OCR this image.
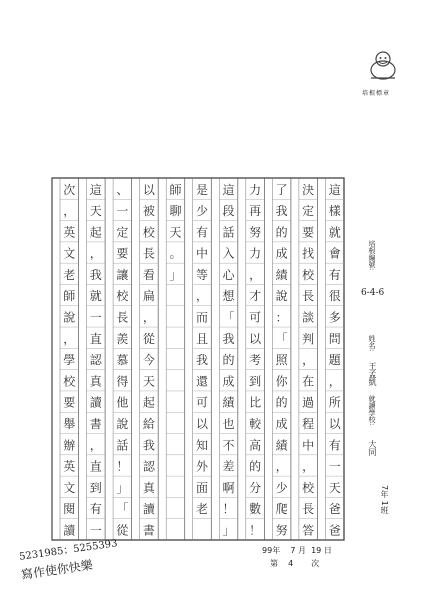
這
樣
就
會
有
很
多
問
題
，
所
以
有
一
天
爸
爸
決
定
要
找
校
長
談
判
，
在
過
程
中
，
校
長
答
了
我
的
成
績
說
：
「
照
你
的
成
績
，
少
爬
努
力
再
努
力
，
才
可
以
考
到
比
較
高
的
分
數
！
這
段
話
入
心
想
「
我
的
成
績
也
不
差
啊
！
」
是
少
有
中
等
，
而
且
我
還
可
以
知
外
面
老
師
聊
天
。
」
以
被
校
長
看
扁
，
從
今
天
起
給
我
認
真
讀
書
、
一
定
要
讓
校
長
羨
慕
得
他
說
話
！
」
「
從
這
天
起
，
我
就
一
直
認
真
讀
書
，
直
到
有
一
次
，
英
文
老
師
說
，
學
校
要
舉
辦
英
文
閱
讀
培根標章
培根編號:
6-4-6
姓名:
王孟凱
就讀學校:
大同
7年 1班
99年 7 月 19 日
第 4 次
5231985；5255393
寫作使你快樂
